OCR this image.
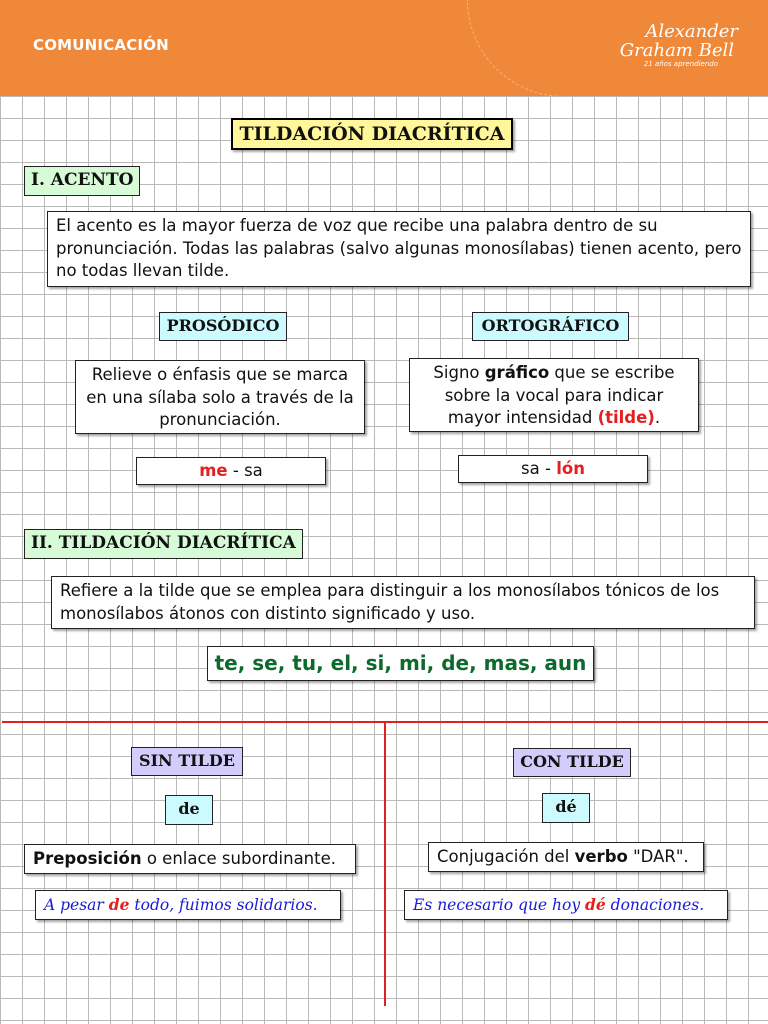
COMUNICACIÓN
Alexander
Graham Bell
21 años aprendiendo
TILDACIÓN DIACRÍTICA
I. ACENTO
El acento es la mayor fuerza de voz que recibe una palabra dentro de su pronunciación. Todas las palabras (salvo algunas monosílabas) tienen acento, pero no todas llevan tilde.
PROSÓDICO	ORTOGRÁFICO
Relieve o énfasis que se marca en una sílaba solo a través de la pronunciación.
Signo gráfico que se escribe sobre la vocal para indicar mayor intensidad (tilde).
me - sa	sa - lón
II. TILDACIÓN DIACRÍTICA
Refiere a la tilde que se emplea para distinguir a los monosílabos tónicos de los monosílabos átonos con distinto significado y uso.
te, se, tu, el, si, mi, de, mas, aun
SIN TILDE	CON TILDE
de	dé
Preposición o enlace subordinante.	Conjugación del verbo "DAR".
A pesar de todo, fuimos solidarios.	Es necesario que hoy dé donaciones.
